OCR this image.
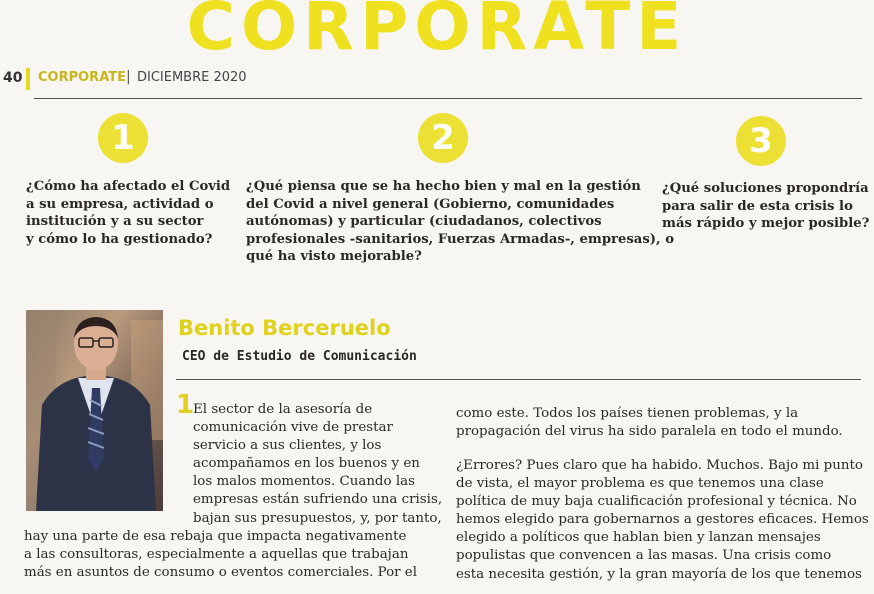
CORPORATE
40 CORPORATE | DICIEMBRE 2020
1
¿Cómo ha afectado el Covid
a su empresa, actividad o
institución y a su sector
y cómo lo ha gestionado?
2
¿Qué piensa que se ha hecho bien y mal en la gestión
del Covid a nivel general (Gobierno, comunidades
autónomas) y particular (ciudadanos, colectivos
profesionales -sanitarios, Fuerzas Armadas-, empresas), o
qué ha visto mejorable?
3
¿Qué soluciones propondría
para salir de esta crisis lo
más rápido y mejor posible?
Benito Berceruelo
CEO de Estudio de Comunicación
1
El sector de la asesoría de
comunicación vive de prestar
servicio a sus clientes, y los
acompañamos en los buenos y en
los malos momentos. Cuando las
empresas están sufriendo una crisis,
bajan sus presupuestos, y, por tanto,
hay una parte de esa rebaja que impacta negativamente
a las consultoras, especialmente a aquellas que trabajan
más en asuntos de consumo o eventos comerciales. Por el
como este. Todos los países tienen problemas, y la
propagación del virus ha sido paralela en todo el mundo.
¿Errores? Pues claro que ha habido. Muchos. Bajo mi punto
de vista, el mayor problema es que tenemos una clase
política de muy baja cualificación profesional y técnica. No
hemos elegido para gobernarnos a gestores eficaces. Hemos
elegido a políticos que hablan bien y lanzan mensajes
populistas que convencen a las masas. Una crisis como
esta necesita gestión, y la gran mayoría de los que tenemos
